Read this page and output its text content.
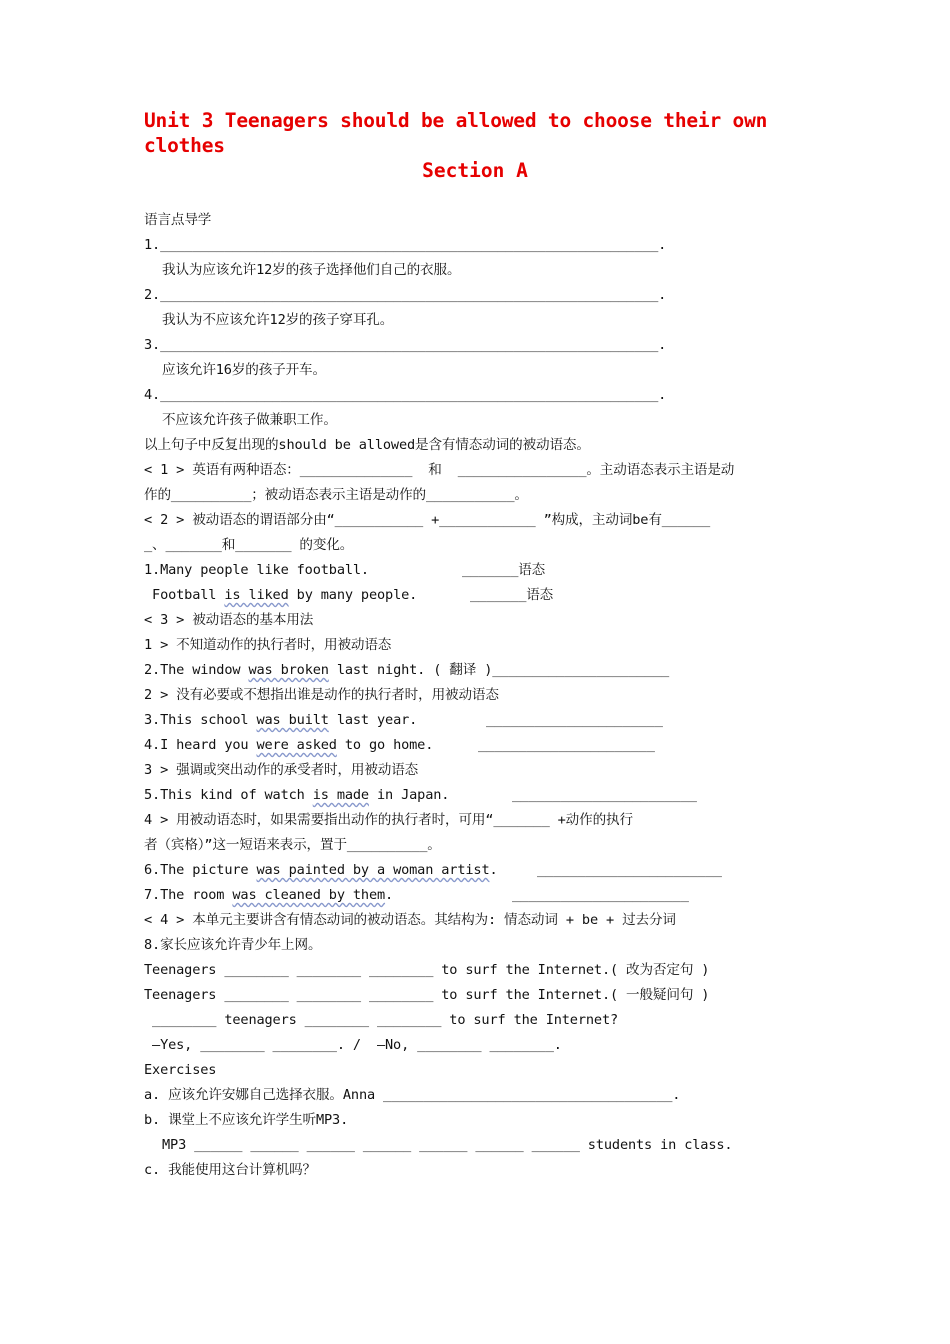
Unit 3 Teenagers should be allowed to choose their own clothes
Section A
语言点导学
1.______________________________________________________________.
我认为应该允许12岁的孩子选择他们自己的衣服。
2.______________________________________________________________.
我认为不应该允许12岁的孩子穿耳孔。
3.______________________________________________________________.
应该允许16岁的孩子开车。
4.______________________________________________________________.
不应该允许孩子做兼职工作。
以上句子中反复出现的should be allowed是含有情态动词的被动语态。
< 1 > 英语有两种语态：______________  和  ________________。主动语态表示主语是动
作的__________；被动语态表示主语是动作的___________。
< 2 > 被动语态的谓语部分由“___________ +____________ ”构成，主动词be有______
_、_______和_______ 的变化。
1.Many people like football.	_______语态
Football is liked by many people.	_______语态
< 3 > 被动语态的基本用法
1 > 不知道动作的执行者时，用被动语态
2.The window was broken last night. ( 翻译 )______________________
2 > 没有必要或不想指出谁是动作的执行者时，用被动语态
3.This school was built last year.	______________________
4.I heard you were asked to go home.	______________________
3 > 强调或突出动作的承受者时，用被动语态
5.This kind of watch is made in Japan.	_______________________
4 > 用被动语态时，如果需要指出动作的执行者时，可用“_______ +动作的执行
者（宾格）”这一短语来表示，置于__________。
6.The picture was painted by a woman artist.	_______________________
7.The room was cleaned by them.	______________________
< 4 > 本单元主要讲含有情态动词的被动语态。其结构为: 情态动词 + be + 过去分词
8.家长应该允许青少年上网。
Teenagers ________ ________ ________ to surf the Internet.( 改为否定句 )
Teenagers ________ ________ ________ to surf the Internet.( 一般疑问句 )
________ teenagers ________ ________ to surf the Internet?
—Yes, ________ ________. /  —No, ________ ________.
Exercises
a. 应该允许安娜自己选择衣服。Anna ____________________________________.
b. 课堂上不应该允许学生听MP3.
MP3 ______ ______ ______ ______ ______ ______ ______ students in class.
c. 我能使用这台计算机吗？
